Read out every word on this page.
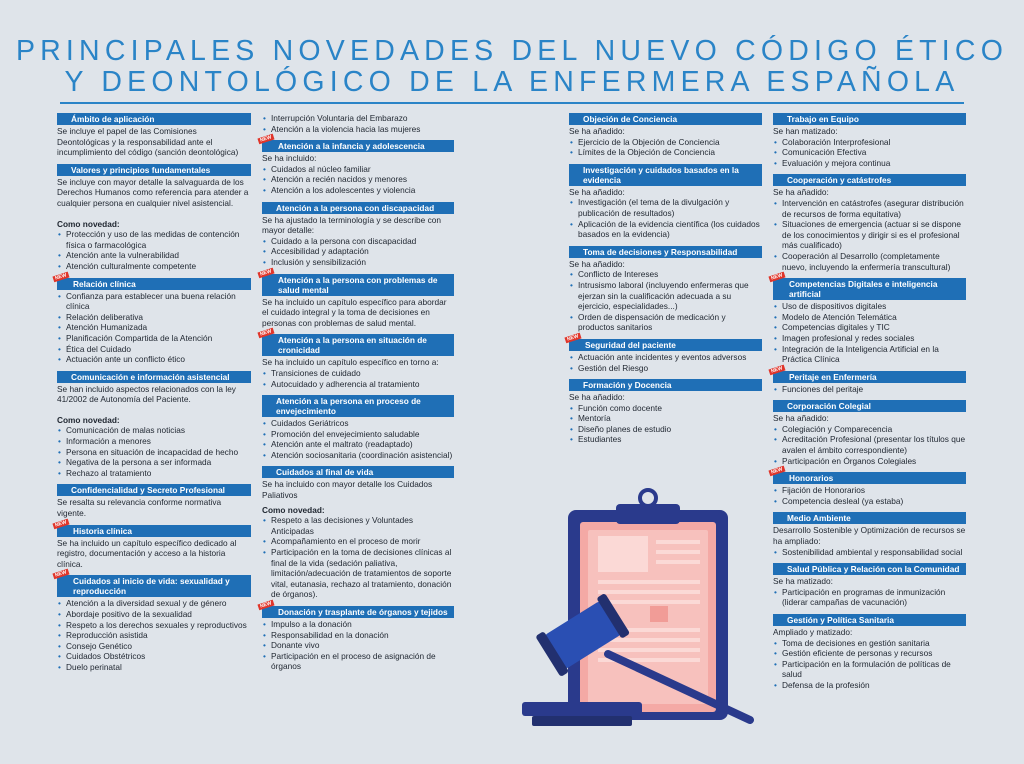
PRINCIPALES NOVEDADES DEL NUEVO CÓDIGO ÉTICO
Y DEONTOLÓGICO DE LA ENFERMERA ESPAÑOLA
Ámbito de aplicación
Se incluye el papel de las Comisiones Deontológicas y la responsabilidad ante el incumplimiento del código (sanción deontológica)
Valores y principios fundamentales
Se incluye con mayor detalle la salvaguarda de los Derechos Humanos como referencia para atender a cualquier persona en cualquier nivel asistencial.
Como novedad:
• Protección y uso de las medidas de contención física o farmacológica
• Atención ante la vulnerabilidad
• Atención culturalmente competente
NEW
Relación clínica
• Confianza para establecer una buena relación clínica
• Relación deliberativa
• Atención Humanizada
• Planificación Compartida de la Atención
• Ética del Cuidado
• Actuación ante un conflicto ético
Comunicación e información asistencial
Se han incluido aspectos relacionados con la ley 41/2002 de Autonomía del Paciente.
Como novedad:
• Comunicación de malas noticias
• Información a menores
• Persona en situación de incapacidad de hecho
• Negativa de la persona a ser informada
• Rechazo al tratamiento
Confidencialidad y Secreto Profesional
Se resalta su relevancia conforme normativa vigente.
NEW
Historia clínica
Se ha incluido un capítulo específico dedicado al registro, documentación y acceso a la historia clínica.
NEW
Cuidados al inicio de vida: sexualidad y reproducción
• Atención a la diversidad sexual y de género
• Abordaje positivo de la sexualidad
• Respeto a los derechos sexuales y reproductivos
• Reproducción asistida
• Consejo Genético
• Cuidados Obstétricos
• Duelo perinatal
• Interrupción Voluntaria del Embarazo
• Atención a la violencia hacia las mujeres
NEW
Atención a la infancia y adolescencia
Se ha incluido:
• Cuidados al núcleo familiar
• Atención a recién nacidos y menores
• Atención a los adolescentes y violencia
Atención a la persona con discapacidad
Se ha ajustado la terminología y se describe con mayor detalle:
• Cuidado a la persona con discapacidad
• Accesibilidad y adaptación
• Inclusión y sensibilización
NEW
Atención a la persona con problemas de salud mental
Se ha incluido un capítulo específico para abordar el cuidado integral y la toma de decisiones en personas con problemas de salud mental.
NEW
Atención a la persona en situación de cronicidad
Se ha incluido un capítulo específico en torno a:
• Transiciones de cuidado
• Autocuidado y adherencia al tratamiento
Atención a la persona en proceso de envejecimiento
• Cuidados Geriátricos
• Promoción del envejecimiento saludable
• Atención ante el maltrato (readaptado)
• Atención sociosanitaria (coordinación asistencial)
Cuidados al final de vida
Se ha incluido con mayor detalle los Cuidados Paliativos
Como novedad:
• Respeto a las decisiones y Voluntades Anticipadas
• Acompañamiento en el proceso de morir
• Participación en la toma de decisiones clínicas al final de la vida (sedación paliativa, limitación/adecuación de tratamientos de soporte vital, eutanasia, rechazo al tratamiento, donación de órganos).
NEW
Donación y trasplante de órganos y tejidos
• Impulso a la donación
• Responsabilidad en la donación
• Donante vivo
• Participación en el proceso de asignación de órganos
Objeción de Conciencia
Se ha añadido:
• Ejercicio de la Objeción de Conciencia
• Límites de la Objeción de Conciencia
Investigación y cuidados basados en la evidencia
Se ha añadido:
• Investigación (el tema de la divulgación y publicación de resultados)
• Aplicación de la evidencia científica (los cuidados basados en la evidencia)
Toma de decisiones y Responsabilidad
Se ha añadido:
• Conflicto de Intereses
• Intrusismo laboral (incluyendo enfermeras que ejerzan sin la cualificación adecuada a su ejercicio, especialidades...)
• Orden de dispensación de medicación y productos sanitarios
NEW
Seguridad del paciente
• Actuación ante incidentes y eventos adversos
• Gestión del Riesgo
Formación y Docencia
Se ha añadido:
• Función como docente
• Mentoría
• Diseño planes de estudio
• Estudiantes
Trabajo en Equipo
Se han matizado:
• Colaboración Interprofesional
• Comunicación Efectiva
• Evaluación y mejora continua
Cooperación y catástrofes
Se ha añadido:
• Intervención en catástrofes (asegurar distribución de recursos de forma equitativa)
• Situaciones de emergencia (actuar si se dispone de los conocimientos y dirigir si es el profesional más cualificado)
• Cooperación al Desarrollo (completamente nuevo, incluyendo la enfermería transcultural)
NEW
Competencias Digitales e inteligencia artificial
• Uso de dispositivos digitales
• Modelo de Atención Telemática
• Competencias digitales y TIC
• Imagen profesional y redes sociales
• Integración de la Inteligencia Artificial en la Práctica Clínica
NEW
Peritaje en Enfermería
• Funciones del peritaje
Corporación Colegial
Se ha añadido:
• Colegiación y Comparecencia
• Acreditación Profesional (presentar los títulos que avalen el ámbito correspondiente)
• Participación en Órganos Colegiales
NEW
Honorarios
• Fijación de Honorarios
• Competencia desleal (ya estaba)
Medio Ambiente
Desarrollo Sostenible y Optimización de recursos se ha ampliado:
• Sostenibilidad ambiental y responsabilidad social
Salud Pública y Relación con la Comunidad
Se ha matizado:
• Participación en programas de inmunización (liderar campañas de vacunación)
Gestión y Política Sanitaria
Ampliado y matizado:
• Toma de decisiones en gestión sanitaria
• Gestión eficiente de personas y recursos
• Participación en la formulación de políticas de salud
• Defensa de la profesión
